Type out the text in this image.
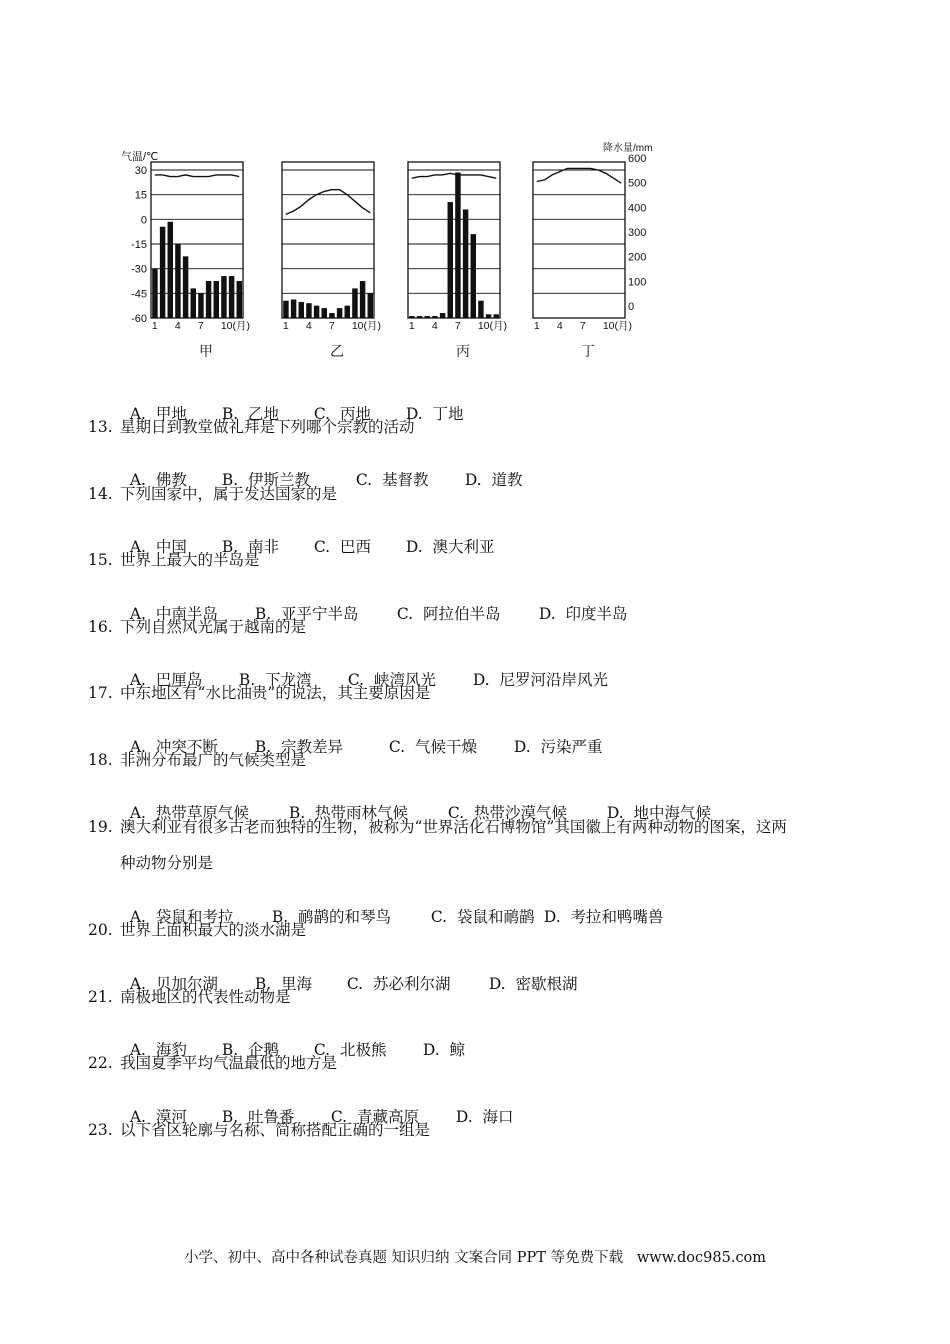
气温/℃
30
15
0
-15
-30
-45
-60
降水量/mm
600
500
400
300
200
100
0
1 4 7 10(月)
甲
1 4 7 10(月)
乙
1 4 7 10(月)
丙
1 4 7 10(月)
丁

A.  甲地 B.  乙地 C.  丙地 D.  丁地

13. 星期日到教堂做礼拜是下列哪个宗教的活动

A.  佛教 B.  伊斯兰教	C.  基督教 D.  道教

14. 下列国家中，属于发达国家的是

A.  中国 B.  南非 C.  巴西 D.  澳大利亚

15. 世界上最大的半岛是

A.  中南半岛 B.  亚平宁半岛 C.  阿拉伯半岛 D.  印度半岛

16. 下列自然风光属于越南的是

A.  巴厘岛 B.  下龙湾 C.  峡湾风光 D.  尼罗河沿岸风光

17. 中东地区有“水比油贵”的说法，其主要原因是

A.  冲突不断 B.  宗教差异	C.  气候干燥 D.  污染严重

18. 非洲分布最广的气候类型是

A.  热带草原气候	B.  热带雨林气候	C.  热带沙漠气候	D.  地中海气候

19. 澳大利亚有很多古老而独特的生物，被称为“世界活化石博物馆”其国徽上有两种动物的图案，这两
种动物分别是

A.  袋鼠和考拉 B.  鸸鹋的和琴鸟	C.  袋鼠和鸸鹋 D.  考拉和鸭嘴兽

20. 世界上面积最大的淡水湖是

A.  贝加尔湖 B.  里海 C.  苏必利尔湖 D.  密歇根湖

21. 南极地区的代表性动物是

A.  海豹 B.  企鹅 C.  北极熊 D.  鲸

22. 我国夏季平均气温最低的地方是

A.  漠河 B.  吐鲁番 C.  青藏高原 D.  海口

23. 以下省区轮廓与名称、简称搭配正确的一组是
小学、初中、高中各种试卷真题 知识归纳 文案合同 PPT 等免费下载   www.doc985.com
